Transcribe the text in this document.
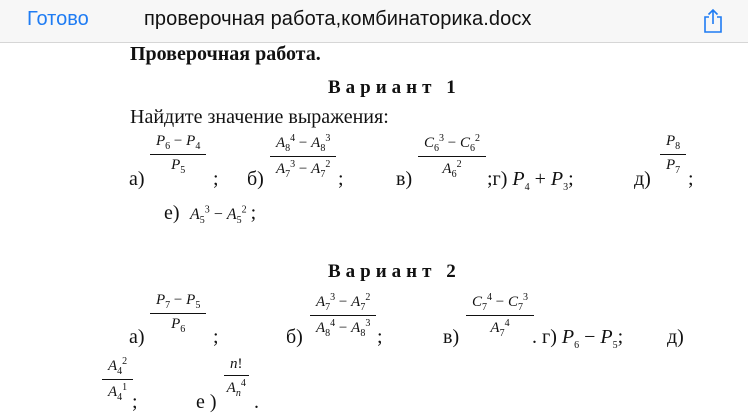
Готово	проверочная работа,комбинаторика.docx
Проверочная работа.
Вариант 1
Найдите значение выражения:
$\frac{P_6 - P_4}{P_5}$
а)	; $б) \frac{A_8^4 - A_8^3}{A_7^3 - A_7^2}$ ;	$в) \frac{C_6^3 - C_6^2}{A_6^2}$ ;г) $P_4 + P_3$;	д)
$\frac{P_8}{P_7}$
;
е) $A_5^3 - A_5^2$ ;
Вариант 2
$\frac{P_7 - P_5}{P_6}$
а)	;	$б) \frac{A_7^3 - A_7^2}{A_8^4 - A_8^3}$ ;	$в) \frac{C_7^4 - C_7^3}{A_7^4}$
. г) $P_6 - P_5$; д)
$\frac{A_4^2}{A_4^1}$
;	е )
$\frac{n!}{A_n^4}$
.
